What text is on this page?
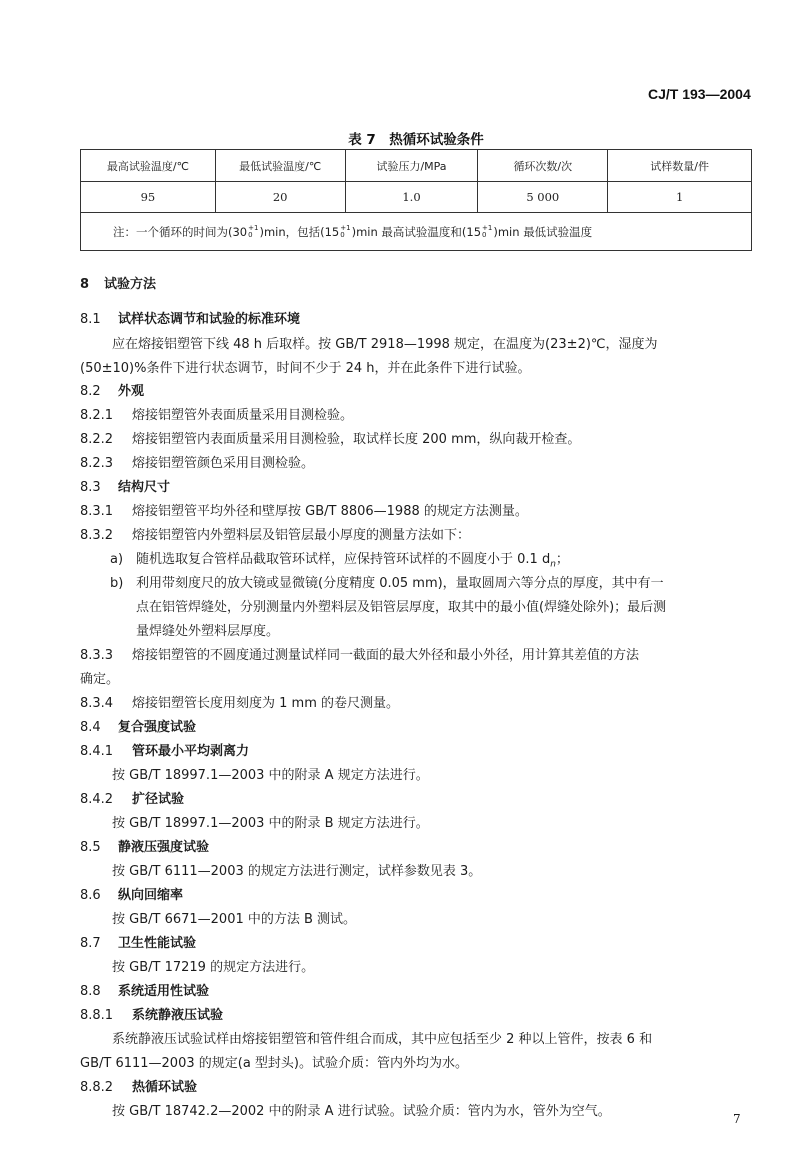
CJ/T 193—2004
表 7　热循环试验条件
最高试验温度/℃	最低试验温度/℃	试验压力/MPa	循环次数/次	试样数量/件
95	20	1.0	5 000	1
注：一个循环的时间为(30 +1
0 )min，包括(15 +1
0 )min 最高试验温度和(15 +1
0 )min 最低试验温度
8 试验方法
8.1 试样状态调节和试验的标准环境
应在熔接铝塑管下线 48 h 后取样。按 GB/T 2918—1998 规定，在温度为(23±2)℃，湿度为
(50±10)%条件下进行状态调节，时间不少于 24 h，并在此条件下进行试验。
8.2 外观
8.2.1 熔接铝塑管外表面质量采用目测检验。
8.2.2 熔接铝塑管内表面质量采用目测检验，取试样长度 200 mm，纵向裁开检查。
8.2.3 熔接铝塑管颜色采用目测检验。
8.3 结构尺寸
8.3.1 熔接铝塑管平均外径和壁厚按 GB/T 8806—1988 的规定方法测量。
8.3.2 熔接铝塑管内外塑料层及铝管层最小厚度的测量方法如下：
a) 随机选取复合管样品截取管环试样，应保持管环试样的不圆度小于 0.1 $d_n$；
b) 利用带刻度尺的放大镜或显微镜(分度精度 0.05 mm)，量取圆周六等分点的厚度，其中有一
点在铝管焊缝处，分别测量内外塑料层及铝管层厚度，取其中的最小值(焊缝处除外)；最后测
量焊缝处外塑料层厚度。
8.3.3 熔接铝塑管的不圆度通过测量试样同一截面的最大外径和最小外径，用计算其差值的方法
确定。
8.3.4 熔接铝塑管长度用刻度为 1 mm 的卷尺测量。
8.4 复合强度试验
8.4.1 管环最小平均剥离力
按 GB/T 18997.1—2003 中的附录 A 规定方法进行。
8.4.2 扩径试验
按 GB/T 18997.1—2003 中的附录 B 规定方法进行。
8.5 静液压强度试验
按 GB/T 6111—2003 的规定方法进行测定，试样参数见表 3。
8.6 纵向回缩率
按 GB/T 6671—2001 中的方法 B 测试。
8.7 卫生性能试验
按 GB/T 17219 的规定方法进行。
8.8 系统适用性试验
8.8.1 系统静液压试验
系统静液压试验试样由熔接铝塑管和管件组合而成，其中应包括至少 2 种以上管件，按表 6 和
GB/T 6111—2003 的规定(a 型封头)。试验介质：管内外均为水。
8.8.2 热循环试验
按 GB/T 18742.2—2002 中的附录 A 进行试验。试验介质：管内为水，管外为空气。	7
